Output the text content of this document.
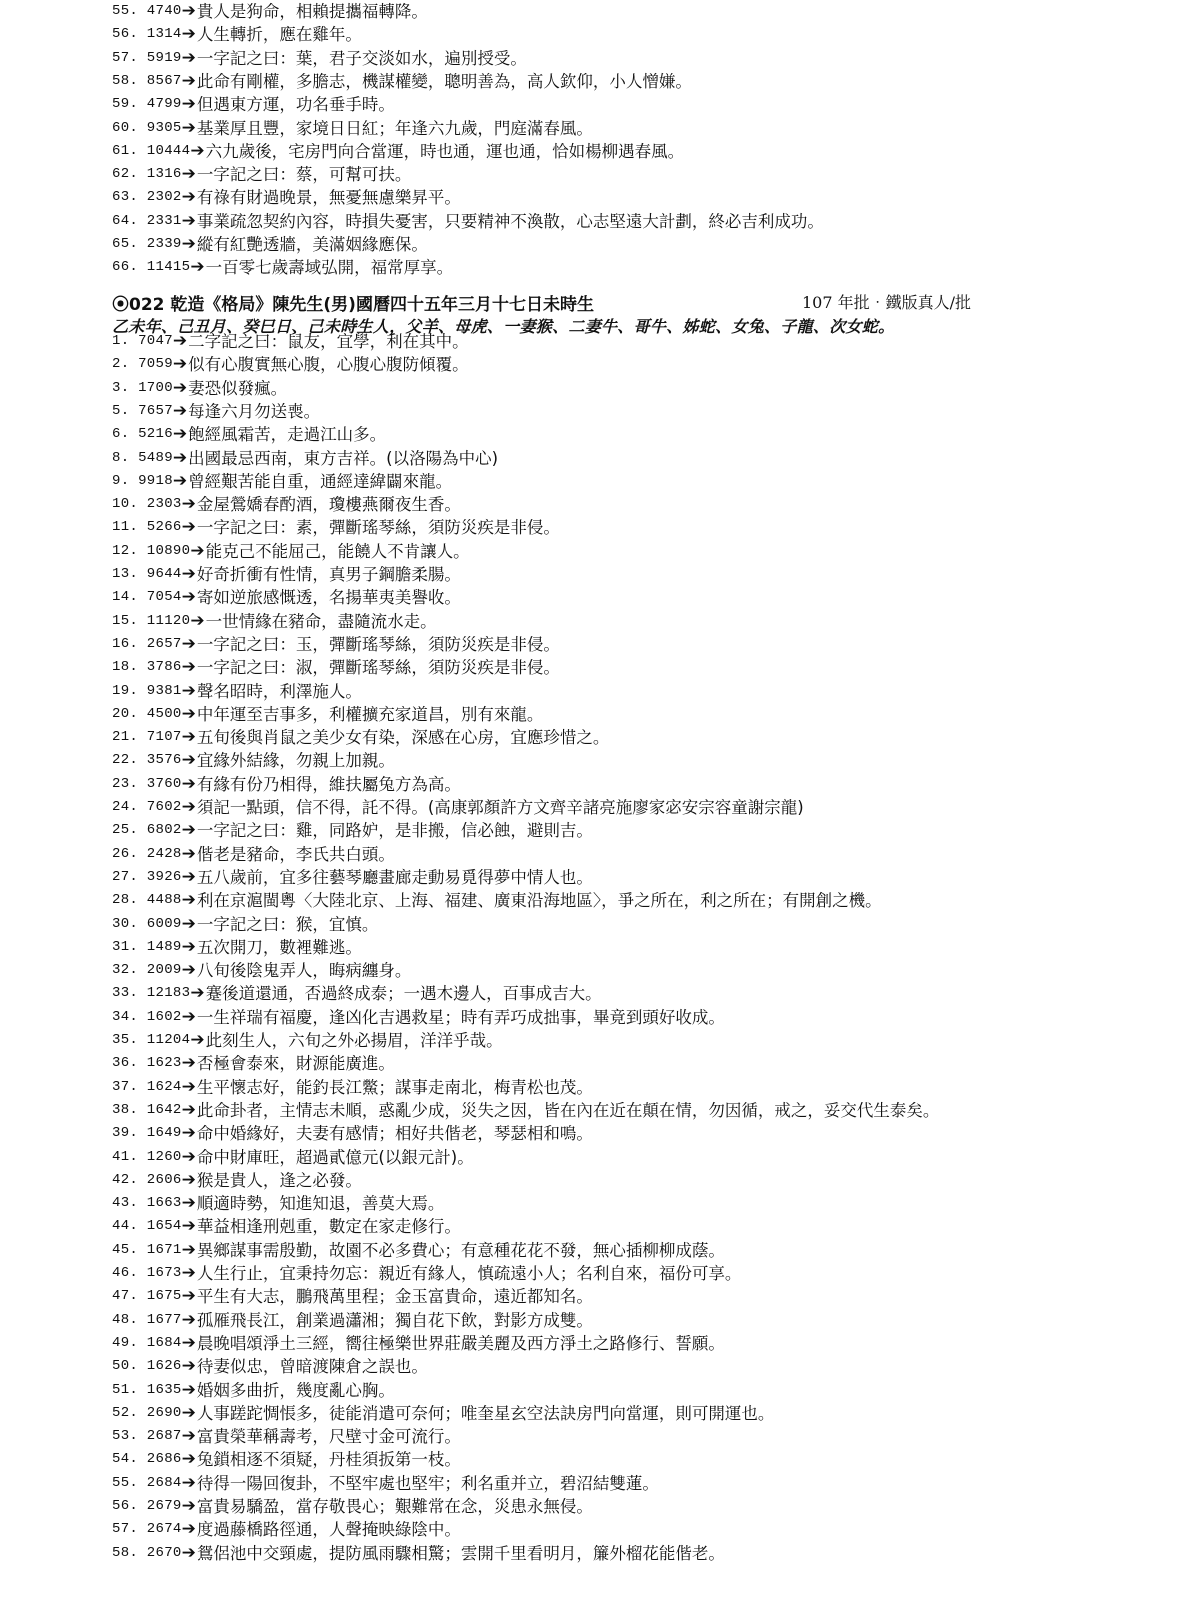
55. 4740 ➔ 貴人是狗命，相賴提攜福轉降。
56. 1314 ➔ 人生轉折，應在雞年。
57. 5919 ➔ 一字記之曰：葉，君子交淡如水，遍別授受。
58. 8567 ➔ 此命有剛權，多膽志，機謀權變，聰明善為，高人欽仰，小人憎嫌。
59. 4799 ➔ 但遇東方運，功名垂手時。
60. 9305 ➔ 基業厚且豐，家境日日紅；年逢六九歲，門庭滿春風。
61. 10444 ➔ 六九歲後，宅房門向合當運，時也通，運也通，恰如楊柳遇春風。
62. 1316 ➔ 一字記之曰：蔡，可幫可扶。
63. 2302 ➔ 有祿有財過晚景，無憂無慮樂昇平。
64. 2331 ➔ 事業疏忽契約內容，時損失憂害，只要精神不渙散，心志堅遠大計劃，終必吉利成功。
65. 2339 ➔ 縱有紅艷透牆，美滿姻緣應保。
66. 11415 ➔ 一百零七歲壽域弘開，福常厚享。
⦿022 乾造《格局》陳先生(男)國曆四十五年三月十七日未時生	107 年批‧鐵版真人/批
乙未年、己丑月、癸巳日、己未時生人，父羊、母虎、一妻猴、二妻牛、哥牛、姊蛇、女兔、子龍、次女蛇。
1. 7047 ➔ 二字記之曰：鼠友，宜學，利在其中。
2. 7059 ➔ 似有心腹實無心腹，心腹心腹防傾覆。
3. 1700 ➔ 妻恐似發瘋。
5. 7657 ➔ 每逢六月勿送喪。
6. 5216 ➔ 飽經風霜苦，走過江山多。
8. 5489 ➔ 出國最忌西南，東方吉祥。(以洛陽為中心)
9. 9918 ➔ 曾經艱苦能自重，通經達緯闢來龍。
10. 2303 ➔ 金屋鶯嬌春酌酒，瓊樓燕爾夜生香。
11. 5266 ➔ 一字記之曰：素，彈斷瑤琴絲，須防災疾是非侵。
12. 10890 ➔ 能克己不能屈己，能饒人不肯讓人。
13. 9644 ➔ 好奇折衝有性情，真男子鋼膽柔腸。
14. 7054 ➔ 寄如逆旅感慨透，名揚華夷美譽收。
15. 11120 ➔ 一世情緣在豬命，盡隨流水走。
16. 2657 ➔ 一字記之曰：玉，彈斷瑤琴絲，須防災疾是非侵。
18. 3786 ➔ 一字記之曰：淑，彈斷瑤琴絲，須防災疾是非侵。
19. 9381 ➔ 聲名昭時，利澤施人。
20. 4500 ➔ 中年運至吉事多，利權擴充家道昌，別有來龍。
21. 7107 ➔ 五旬後與肖鼠之美少女有染，深感在心房，宜應珍惜之。
22. 3576 ➔ 宜緣外結緣，勿親上加親。
23. 3760 ➔ 有緣有份乃相得，維扶屬兔方為高。
24. 7602 ➔ 須記一點頭，信不得，託不得。(高康郭顏許方文齊辛諸亮施廖家宓安宗容童謝宗龍)
25. 6802 ➔ 一字記之曰：雞，同路妒，是非搬，信必蝕，避則吉。
26. 2428 ➔ 偕老是豬命，李氏共白頭。
27. 3926 ➔ 五八歲前，宜多往藝琴廳畫廊走動易覓得夢中情人也。
28. 4488 ➔ 利在京滬閩粵〈大陸北京、上海、福建、廣東沿海地區〉，爭之所在，利之所在；有開創之機。
30. 6009 ➔ 一字記之曰：猴，宜慎。
31. 1489 ➔ 五次開刀，數裡難逃。
32. 2009 ➔ 八旬後陰鬼弄人，晦病纏身。
33. 12183 ➔ 蹇後道還通，否過終成泰；一遇木邊人，百事成吉大。
34. 1602 ➔ 一生祥瑞有福慶，逢凶化吉遇救星；時有弄巧成拙事，畢竟到頭好收成。
35. 11204 ➔ 此刻生人，六旬之外必揚眉，洋洋乎哉。
36. 1623 ➔ 否極會泰來，財源能廣進。
37. 1624 ➔ 生平懷志好，能釣長江鱉；謀事走南北，梅青松也茂。
38. 1642 ➔ 此命卦者，主情志未順，惑亂少成，災失之因，皆在內在近在顛在情，勿因循，戒之，妥交代生泰矣。
39. 1649 ➔ 命中婚緣好，夫妻有感情；相好共偕老，琴瑟相和鳴。
41. 1260 ➔ 命中財庫旺，超過貳億元(以銀元計)。
42. 2606 ➔ 猴是貴人，逢之必發。
43. 1663 ➔ 順適時勢，知進知退，善莫大焉。
44. 1654 ➔ 華益相逢刑剋重，數定在家走修行。
45. 1671 ➔ 異鄉謀事需殷勤，故園不必多費心；有意種花花不發，無心插柳柳成蔭。
46. 1673 ➔ 人生行止，宜秉持勿忘：親近有緣人，慎疏遠小人；名利自來，福份可享。
47. 1675 ➔ 平生有大志，鵬飛萬里程；金玉富貴命，遠近都知名。
48. 1677 ➔ 孤雁飛長江，創業過瀟湘；獨自花下飲，對影方成雙。
49. 1684 ➔ 晨晚唱頌淨土三經，嚮往極樂世界莊嚴美麗及西方淨土之路修行、誓願。
50. 1626 ➔ 待妻似忠，曾暗渡陳倉之誤也。
51. 1635 ➔ 婚姻多曲折，幾度亂心胸。
52. 2690 ➔ 人事蹉跎惆悵多，徒能消遣可奈何；唯奎星玄空法訣房門向當運，則可開運也。
53. 2687 ➔ 富貴榮華稱壽考，尺壁寸金可流行。
54. 2686 ➔ 兔鎖相逐不須疑，丹桂須扳第一枝。
55. 2684 ➔ 待得一陽回復卦，不堅牢處也堅牢；利名重并立，碧沼結雙蓮。
56. 2679 ➔ 富貴易驕盈，當存敬畏心；艱難常在念，災患永無侵。
57. 2674 ➔ 度過藤橋路徑通，人聲掩映綠陰中。
58. 2670 ➔ 鴛侶池中交頸處，提防風雨驟相驚；雲開千里看明月，簾外榴花能偕老。
